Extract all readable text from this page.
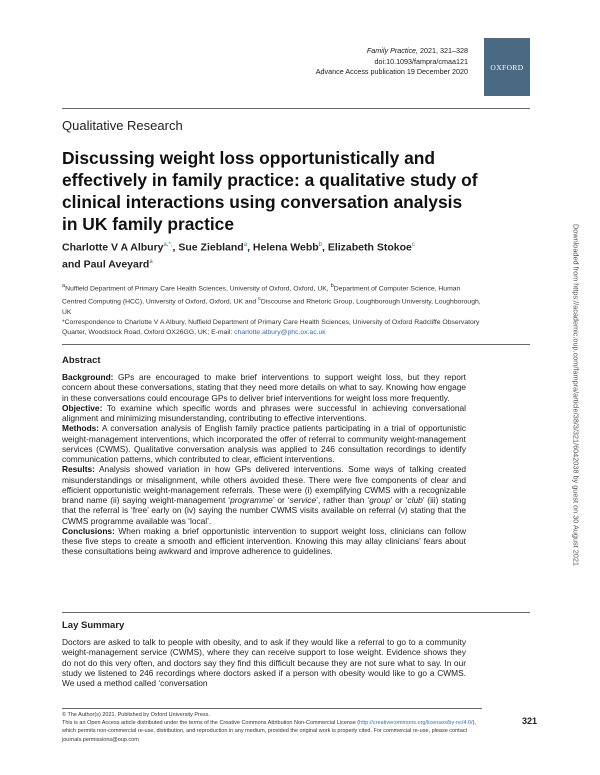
Family Practice, 2021, 321–328
doi:10.1093/fampra/cmaa121
Advance Access publication 19 December 2020	OXFORD
Qualitative Research
Discussing weight loss opportunistically and effectively in family practice: a qualitative study of clinical interactions using conversation analysis in UK family practice
Charlotte V A Albury$^{a,*,}$, Sue Ziebland$^a$, Helena Webb$^b$, Elizabeth Stokoe$^c$
and Paul Aveyard$^a$
$^a$Nuffield Department of Primary Care Health Sciences, University of Oxford, Oxford, UK, $^b$Department of Computer Science, Human Centred Computing (HCC), University of Oxford, Oxford, UK and $^c$Discourse and Rhetoric Group, Loughborough University, Loughborough, UK
*Correspondence to Charlotte V A Albury, Nuffield Department of Primary Care Health Sciences, University of Oxford Radcliffe Observatory Quarter, Woodstock Road, Oxford OX26GG, UK; E-mail: charlotte.albury@phc.ox.ac.uk
Abstract
Background: GPs are encouraged to make brief interventions to support weight loss, but they report concern about these conversations, stating that they need more details on what to say. Knowing how engage in these conversations could encourage GPs to deliver brief interventions for weight loss more frequently.
Objective: To examine which specific words and phrases were successful in achieving conversational alignment and minimizing misunderstanding, contributing to effective interventions.
Methods: A conversation analysis of English family practice patients participating in a trial of opportunistic weight-management interventions, which incorporated the offer of referral to community weight-management services (CWMS). Qualitative conversation analysis was applied to 246 consultation recordings to identify communication patterns, which contributed to clear, efficient interventions.
Results: Analysis showed variation in how GPs delivered interventions. Some ways of talking created misunderstandings or misalignment, while others avoided these. There were five components of clear and efficient opportunistic weight-management referrals. These were (i) exemplifying CWMS with a recognizable brand name (ii) saying weight-management ‘programme’ or ‘service’, rather than ‘group’ or ‘club’ (iii) stating that the referral is ‘free’ early on (iv) saying the number CWMS visits available on referral (v) stating that the CWMS programme available was ‘local’.
Conclusions: When making a brief opportunistic intervention to support weight loss, clinicians can follow these five steps to create a smooth and efficient intervention. Knowing this may allay clinicians’ fears about these consultations being awkward and improve adherence to guidelines.
Lay Summary
Doctors are asked to talk to people with obesity, and to ask if they would like a referral to go to a community weight-management service (CWMS), where they can receive support to lose weight. Evidence shows they do not do this very often, and doctors say they find this difficult because they are not sure what to say. In our study we listened to 246 recordings where doctors asked if a person with obesity would like to go a CWMS. We used a method called ‘conversation
© The Author(s) 2021. Published by Oxford University Press.
This is an Open Access article distributed under the terms of the Creative Commons Attribution Non-Commercial License (http://creativecommons.org/licenses/by-nc/4.0/), which permits non-commercial re-use, distribution, and reproduction in any medium, provided the original work is properly cited. For commercial re-use, please contact journals.permissions@oup.com
321
Downloaded from https://academic.oup.com/fampra/article/38/3/321/6042038 by guest on 30 August 2021
